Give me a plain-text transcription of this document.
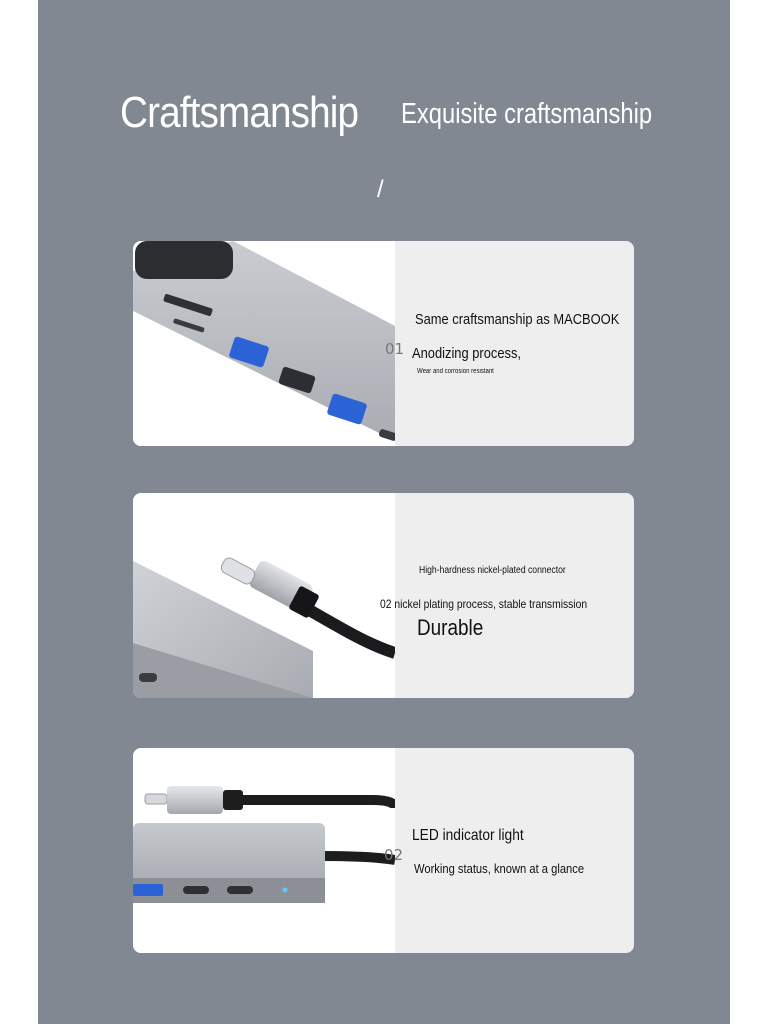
Craftsmanship Exquisite craftsmanship
/
Same craftsmanship as MACBOOK
01 Anodizing process,
Wear and corrosion resistant
High-hardness nickel-plated connector
02 nickel plating process, stable transmission
Durable
LED indicator light
02
Working status, known at a glance
